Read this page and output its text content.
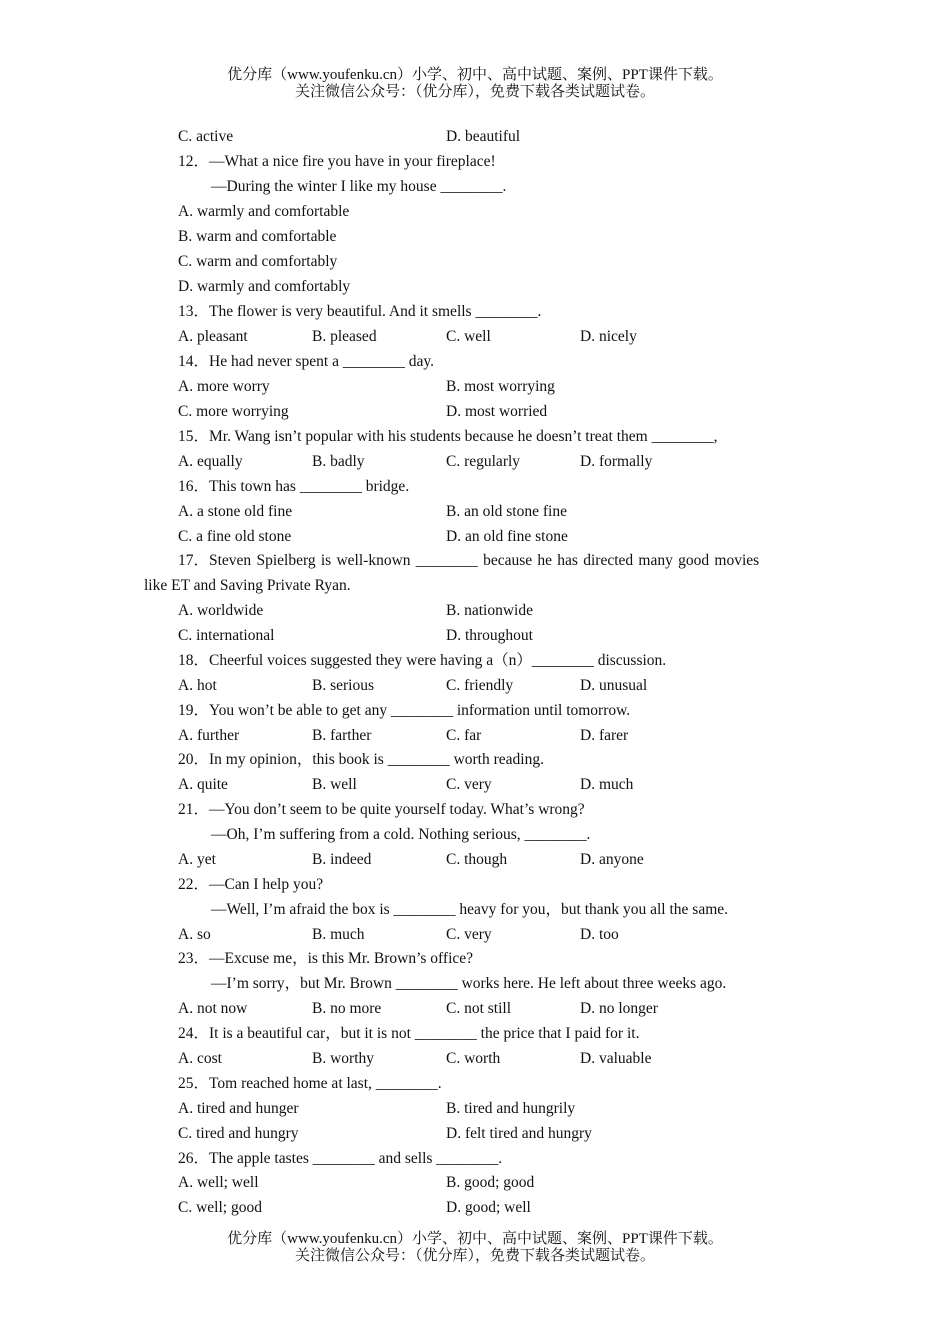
优分库（www.youfenku.cn）小学、初中、高中试题、案例、PPT课件下载。
关注微信公众号：（优分库），免费下载各类试题试卷。
C. active	D. beautiful
12．—What a nice fire you have in your fireplace!
—During the winter I like my house ________.
A. warmly and comfortable
B. warm and comfortable
C. warm and comfortably
D. warmly and comfortably
13．The flower is very beautiful. And it smells ________.
A. pleasant	B. pleased	C. well	D. nicely
14．He had never spent a ________ day.
A. more worry	B. most worrying
C. more worrying	D. most worried
15．Mr. Wang isn’t popular with his students because he doesn’t treat them ________,
A. equally	B. badly	C. regularly	D. formally
16．This town has ________ bridge.
A. a stone old fine	B. an old stone fine
C. a fine old stone	D. an old fine stone
17．Steven Spielberg is well-known ________ because he has directed many good movies
like ET and Saving Private Ryan.
A. worldwide	B. nationwide
C. international	D. throughout
18．Cheerful voices suggested they were having a（n）________ discussion.
A. hot	B. serious	C. friendly	D. unusual
19．You won’t be able to get any ________ information until tomorrow.
A. further	B. farther	C. far	D. farer
20．In my opinion，this book is ________ worth reading.
A. quite	B. well	C. very	D. much
21．—You don’t seem to be quite yourself today. What’s wrong?
—Oh, I’m suffering from a cold. Nothing serious, ________.
A. yet	B. indeed	C. though	D. anyone
22．—Can I help you?
—Well, I’m afraid the box is ________ heavy for you，but thank you all the same.
A. so	B. much	C. very	D. too
23．—Excuse me，is this Mr. Brown’s office?
—I’m sorry，but Mr. Brown ________ works here. He left about three weeks ago.
A. not now	B. no more	C. not still	D. no longer
24．It is a beautiful car，but it is not ________ the price that I paid for it.
A. cost	B. worthy	C. worth	D. valuable
25．Tom reached home at last, ________.
A. tired and hunger	B. tired and hungrily
C. tired and hungry	D. felt tired and hungry
26．The apple tastes ________ and sells ________.
A. well; well	B. good; good
C. well; good	D. good; well
优分库（www.youfenku.cn）小学、初中、高中试题、案例、PPT课件下载。
关注微信公众号：（优分库），免费下载各类试题试卷。
